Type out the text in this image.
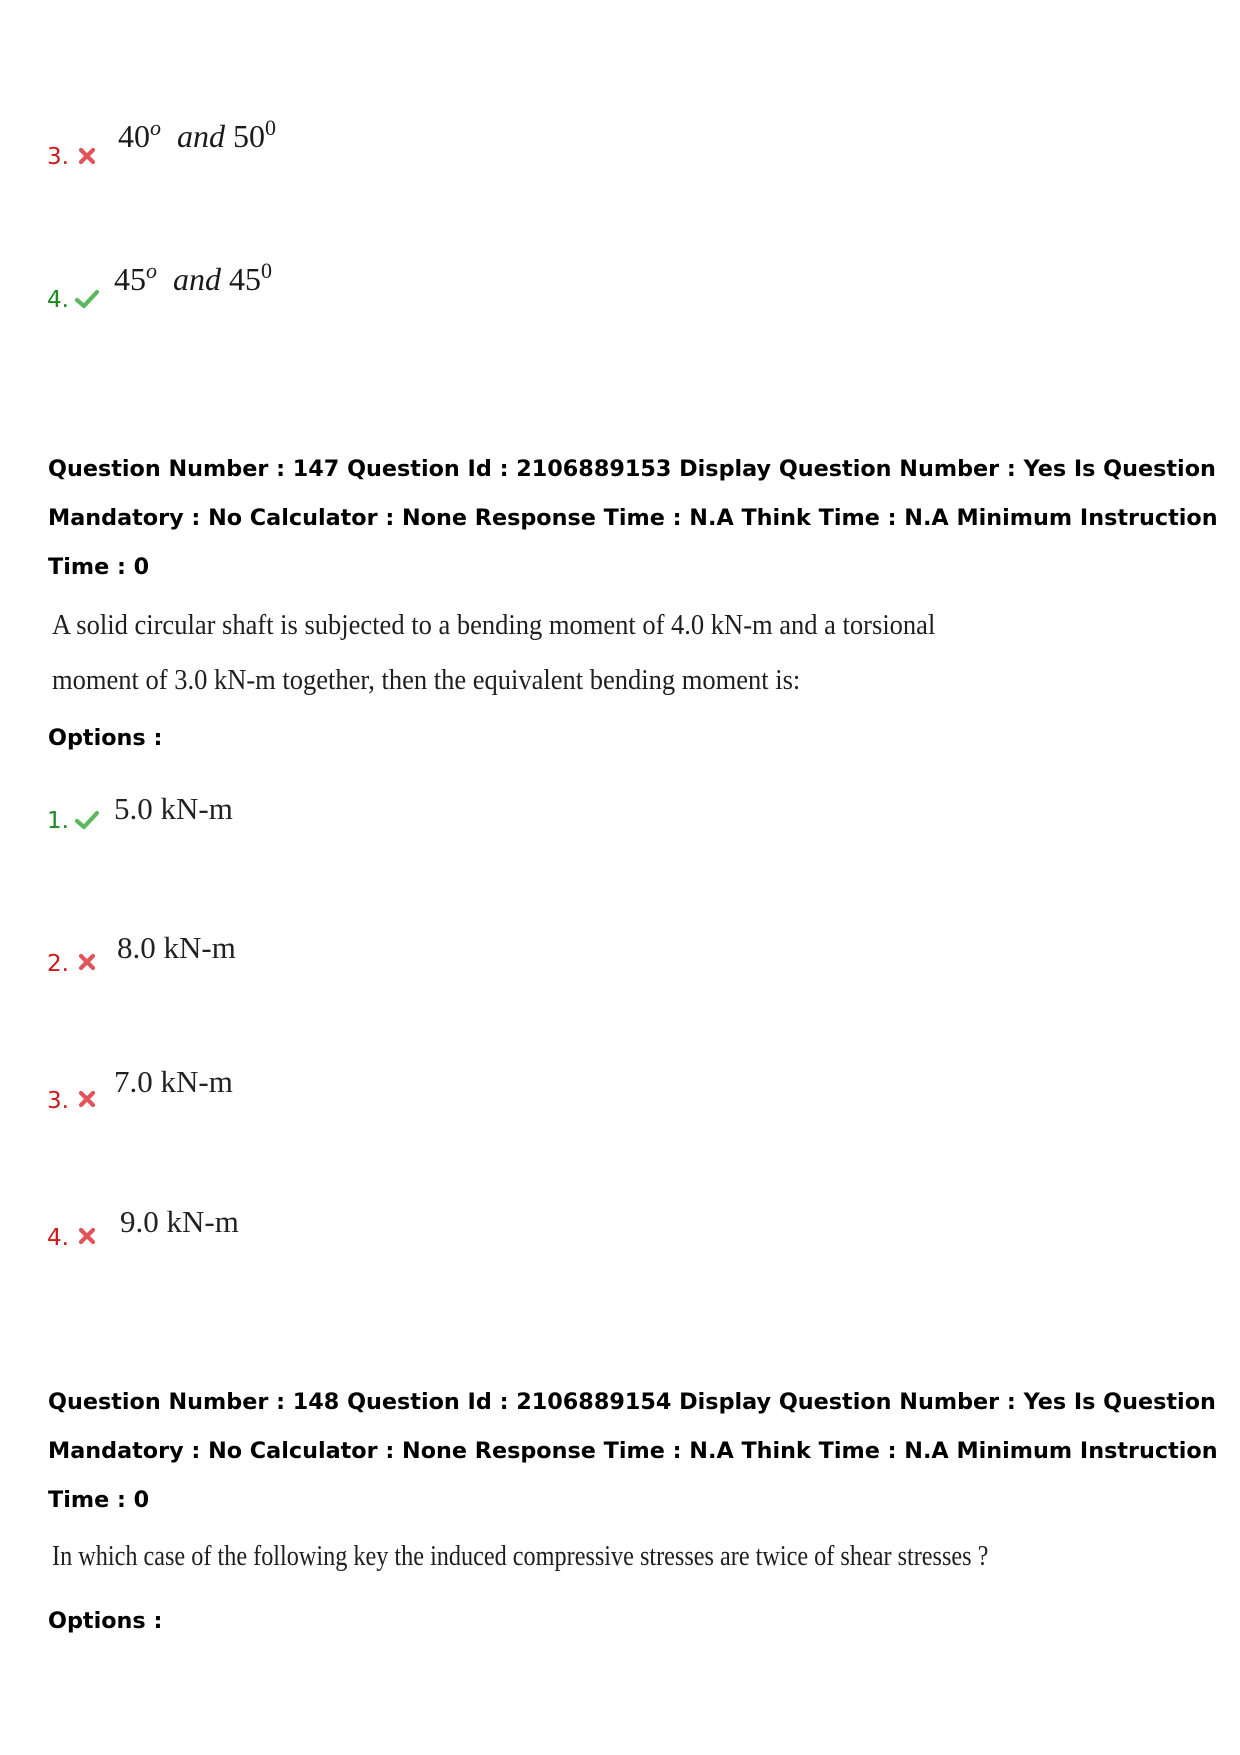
3.
40$^o$ and $50^0$
4.
45$^o$ and $45^0$
Question Number : 147 Question Id : 2106889153 Display Question Number : Yes Is Question Mandatory : No Calculator : None Response Time : N.A Think Time : N.A Minimum Instruction Time : 0
A solid circular shaft is subjected to a bending moment of 4.0 kN-m and a torsional
moment of 3.0 kN-m together, then the equivalent bending moment is:
Options :
1. 5.0 kN-m
2. 8.0 kN-m
3.
7.0 kN-m
4. 9.0 kN-m
Question Number : 148 Question Id : 2106889154 Display Question Number : Yes Is Question Mandatory : No Calculator : None Response Time : N.A Think Time : N.A Minimum Instruction Time : 0
In which case of the following key the induced compressive stresses are twice of shear stresses ?
Options :
